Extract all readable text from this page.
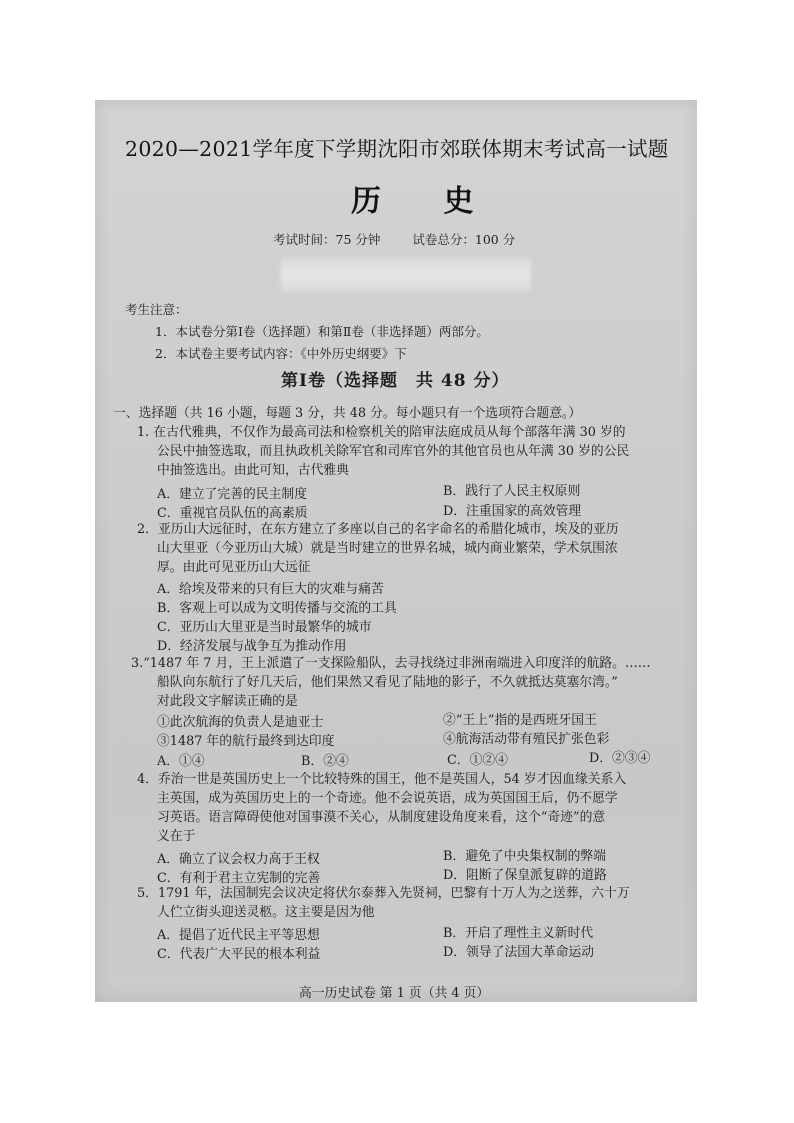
2020—2021学年度下学期沈阳市郊联体期末考试高一试题
历 史
考试时间：75 分钟	试卷总分：100 分
考生注意：
1．本试卷分第Ⅰ卷（选择题）和第Ⅱ卷（非选择题）两部分。
2．本试卷主要考试内容：《中外历史纲要》下
第Ⅰ卷（选择题　共 48 分）
一、选择题（共 16 小题，每题 3 分，共 48 分。每小题只有一个选项符合题意。）
1. 在古代雅典，不仅作为最高司法和检察机关的陪审法庭成员从每个部落年满 30 岁的
公民中抽签选取，而且执政机关除军官和司库官外的其他官员也从年满 30 岁的公民
中抽签选出。由此可知，古代雅典
A．建立了完善的民主制度	B．践行了人民主权原则
C．重视官员队伍的高素质	D．注重国家的高效管理
2．亚历山大远征时，在东方建立了多座以自己的名字命名的希腊化城市，埃及的亚历
山大里亚（今亚历山大城）就是当时建立的世界名城，城内商业繁荣，学术氛围浓
厚。由此可见亚历山大远征
A．给埃及带来的只有巨大的灾难与痛苦
B．客观上可以成为文明传播与交流的工具
C．亚历山大里亚是当时最繁华的城市
D．经济发展与战争互为推动作用
3.“1487 年 7 月，王上派遣了一支探险船队，去寻找绕过非洲南端进入印度洋的航路。……
船队向东航行了好几天后，他们果然又看见了陆地的影子，不久就抵达莫塞尔湾。”
对此段文字解读正确的是
①此次航海的负责人是迪亚士	②“王上”指的是西班牙国王
③1487 年的航行最终到达印度	④航海活动带有殖民扩张色彩
A．①④	B．②④	C．①②④	D．②③④
4．乔治一世是英国历史上一个比较特殊的国王，他不是英国人，54 岁才因血缘关系入
主英国，成为英国历史上的一个奇迹。他不会说英语，成为英国国王后，仍不愿学
习英语。语言障碍使他对国事漠不关心，从制度建设角度来看，这个“奇迹”的意
义在于
A．确立了议会权力高于王权	B．避免了中央集权制的弊端
C．有利于君主立宪制的完善	D．阻断了保皇派复辟的道路
5．1791 年，法国制宪会议决定将伏尔泰葬入先贤祠，巴黎有十万人为之送葬，六十万
人伫立街头迎送灵柩。这主要是因为他
A．提倡了近代民主平等思想	B．开启了理性主义新时代
C．代表广大平民的根本利益	D．领导了法国大革命运动
高一历史试卷 第 1 页（共 4 页）
